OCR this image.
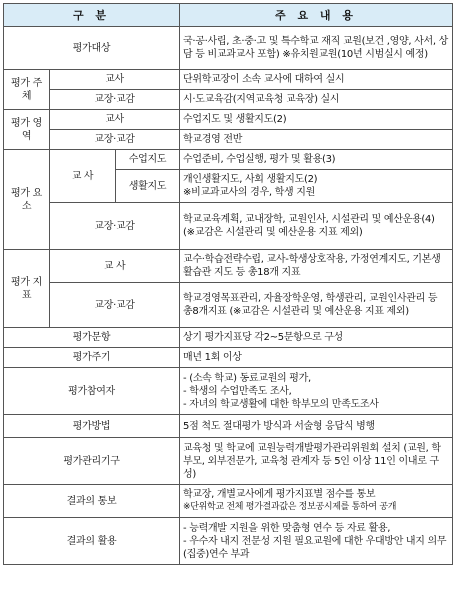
구 분			주 요 내 용
평가대상			국·공·사립, 초·중·고 및 특수학교 재직 교원(보건 ,영양, 사서, 상담 등 비교과교사 포함) ※유치원교원(10년 시범실시 예정)
평가 주체	교사		단위학교장이 소속 교사에 대하여 실시
	교장·교감		시·도교육감(지역교육청 교육장) 실시
평가 영역	교사		수업지도 및 생활지도(2)
	교장·교감		학교경영 전반
평가 요소	교 사	수업지도	수업준비, 수업실행, 평가 및 활용(3)
		생활지도	개인생활지도, 사회 생활지도(2)
※비교과교사의 경우, 학생 지원

	교장·교감		학교교육계획, 교내장학, 교원인사, 시설관리 및 예산운용(4)
(※교감은 시설관리 및 예산운용 지표 제외)

평가 지표	교 사		교수·학습전략수립, 교사-학생상호작용, 가정연계지도, 기본생활습관 지도 등 총18개 지표
	교장·교감		학교경영목표관리, 자율장학운영, 학생관리, 교원인사관리 등 총8개지표 (※교감은 시설관리 및 예산운용 지표 제외)
평가문항			상기 평가지표당 각2~5문항으로 구성
평가주기			매년 1회 이상
평가참여자			- (소속 학교) 동료교원의 평가,
- 학생의 수업만족도 조사,
- 자녀의 학교생활에 대한 학부모의 만족도조사

평가방법			5점 척도 절대평가 방식과 서술형 응답식 병행
평가관리기구			교육청 및 학교에 교원능력개발평가관리위원회 설치 (교원, 학부모, 외부전문가, 교육청 관계자 등 5인 이상 11인 이내로 구성)
결과의 통보			학교장, 개별교사에게 평가지표별 점수를 통보
※단위학교 전체 평가결과값은 정보공시제를 통하여 공개

결과의 활용			- 능력개발 지원을 위한 맞춤형 연수 등 자료 활용,
- 우수자 내지 전문성 지원 필요교원에 대한 우대방안 내지 의무(집중)연수 부과
